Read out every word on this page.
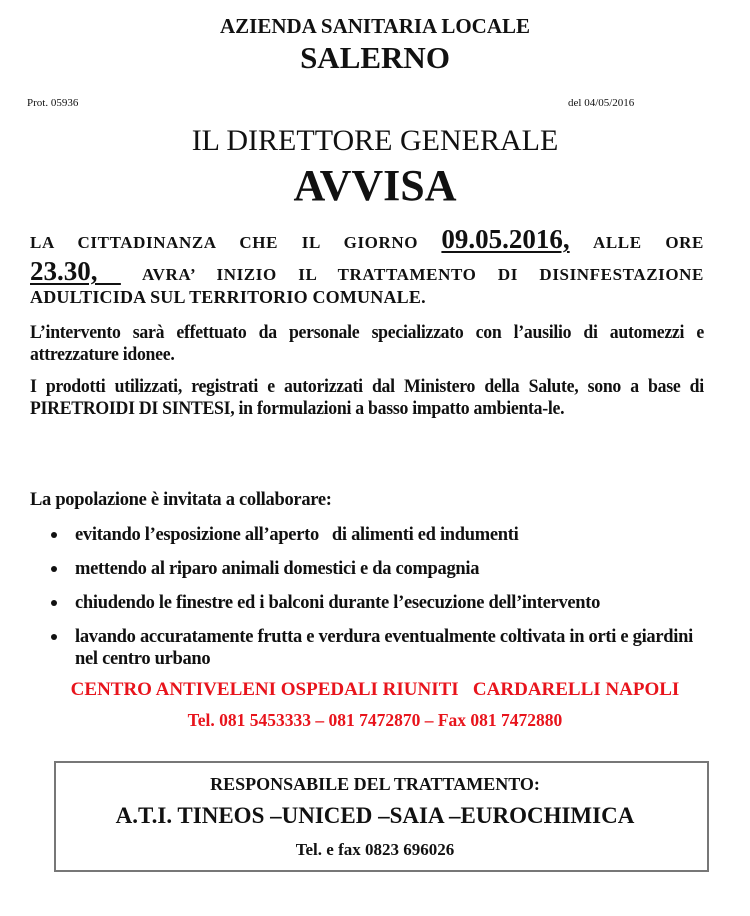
AZIENDA SANITARIA LOCALE
SALERNO
Prot. 05936	del 04/05/2016
IL DIRETTORE GENERALE
AVVISA
LA CITTADINANZA CHE IL GIORNO 09.05.2016, ALLE ORE
23.30,  AVRA’ INIZIO IL TRATTAMENTO DI DISINFESTAZIONE
ADULTICIDA SUL TERRITORIO COMUNALE.
L’intervento sarà effettuato da personale specializzato con l’ausilio di automezzi e attrezzature idonee.
I prodotti utilizzati, registrati e autorizzati dal Ministero della Salute, sono a base di PIRETROIDI DI SINTESI, in formulazioni a basso impatto ambienta-le.
La popolazione è invitata a collaborare:
evitando l’esposizione all’aperto   di alimenti ed indumenti
mettendo al riparo animali domestici e da compagnia
chiudendo le finestre ed i balconi durante l’esecuzione dell’intervento
lavando accuratamente frutta e verdura eventualmente coltivata in orti e giardini nel centro urbano
CENTRO ANTIVELENI OSPEDALI RIUNITI   CARDARELLI NAPOLI
Tel. 081 5453333 – 081 7472870 – Fax 081 7472880
RESPONSABILE DEL TRATTAMENTO:
A.T.I. TINEOS –UNICED –SAIA –EUROCHIMICA
Tel. e fax 0823 696026
